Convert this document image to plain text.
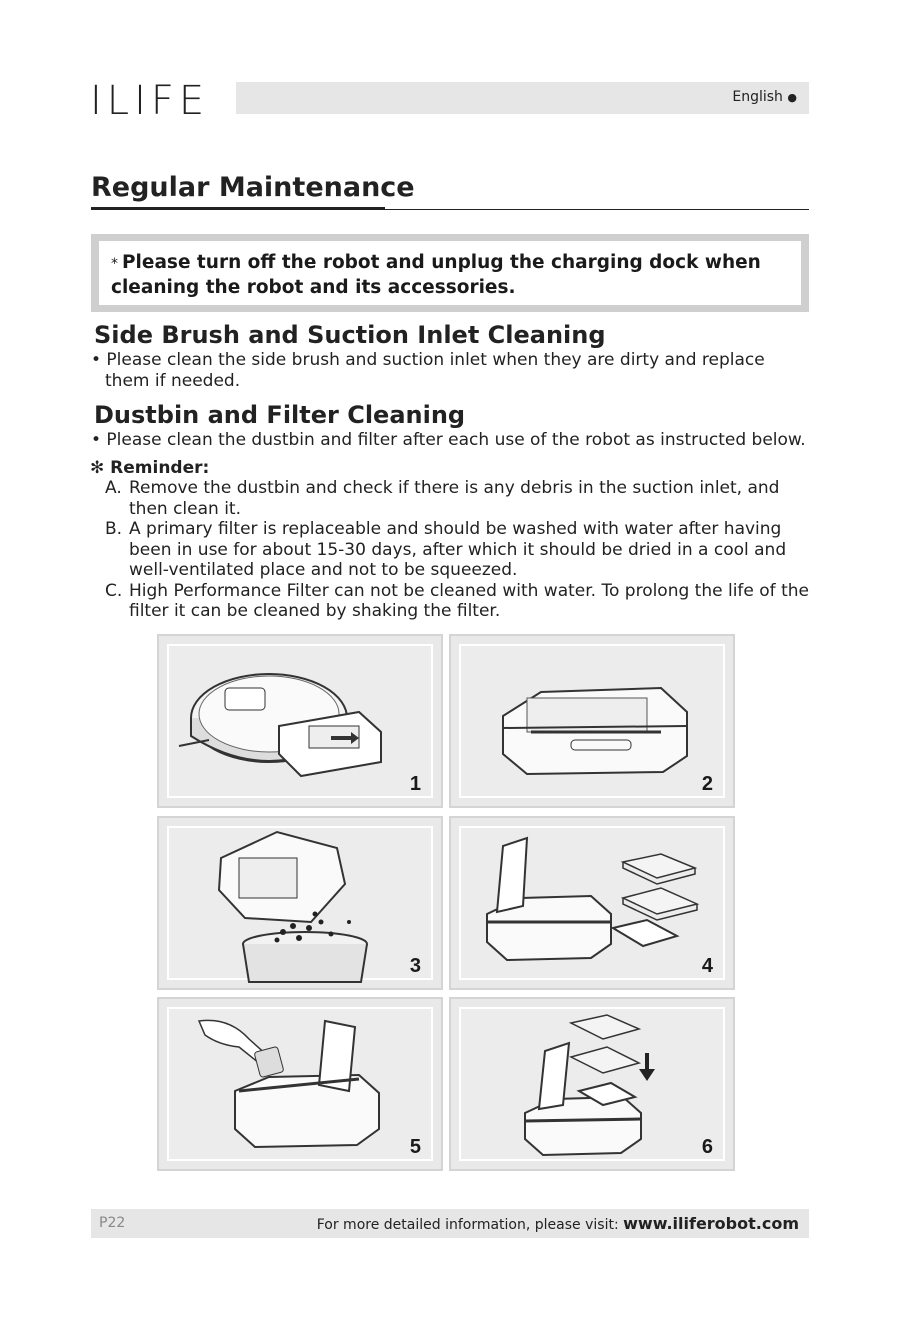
ILIFE	English ●
Regular Maintenance
* Please turn off the robot and unplug the charging dock when cleaning the robot and its accessories.
Side Brush and Suction Inlet Cleaning
• Please clean the side brush and suction inlet when they are dirty and replace them if needed.
Dustbin and Filter Cleaning
• Please clean the dustbin and filter after each use of the robot as instructed below.
✻ Reminder:
A. Remove the dustbin and check if there is any debris in the suction inlet, and then clean it.
B. A primary filter is replaceable and should be washed with water after having been in use for about 15-30 days, after which it should be dried in a cool and well-ventilated place and not to be squeezed.
C. High Performance Filter can not be cleaned with water. To prolong the life of the filter it can be cleaned by shaking the filter.
1	2
3	4
5	6
P22	For more detailed information, please visit: www.iliferobot.com
